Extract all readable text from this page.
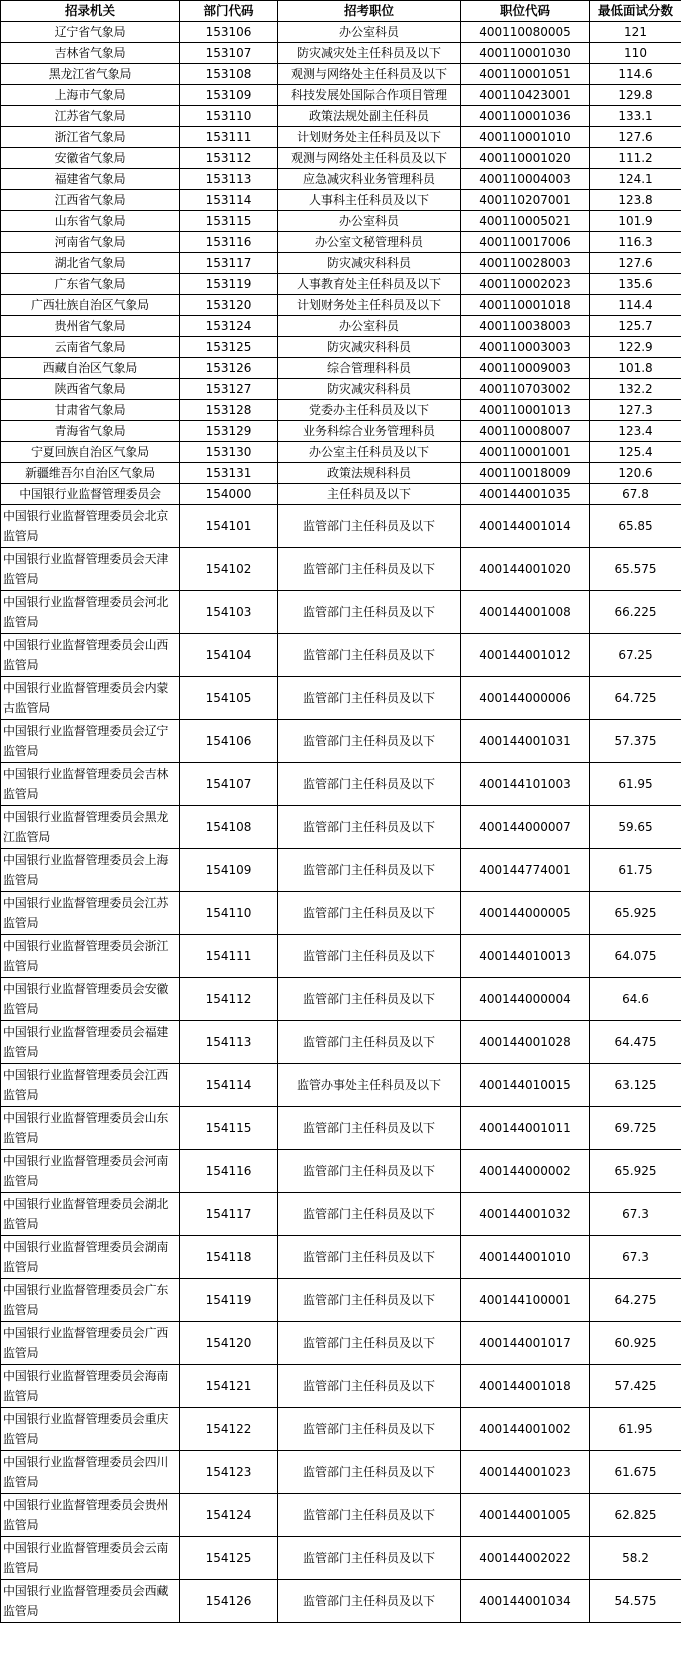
招录机关	部门代码	招考职位	职位代码	最低面试分数
辽宁省气象局	153106	办公室科员	400110080005	121
吉林省气象局	153107	防灾减灾处主任科员及以下	400110001030	110
黑龙江省气象局	153108	观测与网络处主任科员及以下	400110001051	114.6
上海市气象局	153109	科技发展处国际合作项目管理	400110423001	129.8
江苏省气象局	153110	政策法规处副主任科员	400110001036	133.1
浙江省气象局	153111	计划财务处主任科员及以下	400110001010	127.6
安徽省气象局	153112	观测与网络处主任科员及以下	400110001020	111.2
福建省气象局	153113	应急减灾科业务管理科员	400110004003	124.1
江西省气象局	153114	人事科主任科员及以下	400110207001	123.8
山东省气象局	153115	办公室科员	400110005021	101.9
河南省气象局	153116	办公室文秘管理科员	400110017006	116.3
湖北省气象局	153117	防灾减灾科科员	400110028003	127.6
广东省气象局	153119	人事教育处主任科员及以下	400110002023	135.6
广西壮族自治区气象局	153120	计划财务处主任科员及以下	400110001018	114.4
贵州省气象局	153124	办公室科员	400110038003	125.7
云南省气象局	153125	防灾减灾科科员	400110003003	122.9
西藏自治区气象局	153126	综合管理科科员	400110009003	101.8
陕西省气象局	153127	防灾减灾科科员	400110703002	132.2
甘肃省气象局	153128	党委办主任科员及以下	400110001013	127.3
青海省气象局	153129	业务科综合业务管理科员	400110008007	123.4
宁夏回族自治区气象局	153130	办公室主任科员及以下	400110001001	125.4
新疆维吾尔自治区气象局	153131	政策法规科科员	400110018009	120.6
中国银行业监督管理委员会	154000	主任科员及以下	400144001035	67.8
中国银行业监督管理委员会北京监管局	154101	监管部门主任科员及以下	400144001014	65.85
中国银行业监督管理委员会天津监管局	154102	监管部门主任科员及以下	400144001020	65.575
中国银行业监督管理委员会河北监管局	154103	监管部门主任科员及以下	400144001008	66.225
中国银行业监督管理委员会山西监管局	154104	监管部门主任科员及以下	400144001012	67.25
中国银行业监督管理委员会内蒙古监管局	154105	监管部门主任科员及以下	400144000006	64.725
中国银行业监督管理委员会辽宁监管局	154106	监管部门主任科员及以下	400144001031	57.375
中国银行业监督管理委员会吉林监管局	154107	监管部门主任科员及以下	400144101003	61.95
中国银行业监督管理委员会黑龙江监管局	154108	监管部门主任科员及以下	400144000007	59.65
中国银行业监督管理委员会上海监管局	154109	监管部门主任科员及以下	400144774001	61.75
中国银行业监督管理委员会江苏监管局	154110	监管部门主任科员及以下	400144000005	65.925
中国银行业监督管理委员会浙江监管局	154111	监管部门主任科员及以下	400144010013	64.075
中国银行业监督管理委员会安徽监管局	154112	监管部门主任科员及以下	400144000004	64.6
中国银行业监督管理委员会福建监管局	154113	监管部门主任科员及以下	400144001028	64.475
中国银行业监督管理委员会江西监管局	154114	监管办事处主任科员及以下	400144010015	63.125
中国银行业监督管理委员会山东监管局	154115	监管部门主任科员及以下	400144001011	69.725
中国银行业监督管理委员会河南监管局	154116	监管部门主任科员及以下	400144000002	65.925
中国银行业监督管理委员会湖北监管局	154117	监管部门主任科员及以下	400144001032	67.3
中国银行业监督管理委员会湖南监管局	154118	监管部门主任科员及以下	400144001010	67.3
中国银行业监督管理委员会广东监管局	154119	监管部门主任科员及以下	400144100001	64.275
中国银行业监督管理委员会广西监管局	154120	监管部门主任科员及以下	400144001017	60.925
中国银行业监督管理委员会海南监管局	154121	监管部门主任科员及以下	400144001018	57.425
中国银行业监督管理委员会重庆监管局	154122	监管部门主任科员及以下	400144001002	61.95
中国银行业监督管理委员会四川监管局	154123	监管部门主任科员及以下	400144001023	61.675
中国银行业监督管理委员会贵州监管局	154124	监管部门主任科员及以下	400144001005	62.825
中国银行业监督管理委员会云南监管局	154125	监管部门主任科员及以下	400144002022	58.2
中国银行业监督管理委员会西藏监管局	154126	监管部门主任科员及以下	400144001034	54.575
